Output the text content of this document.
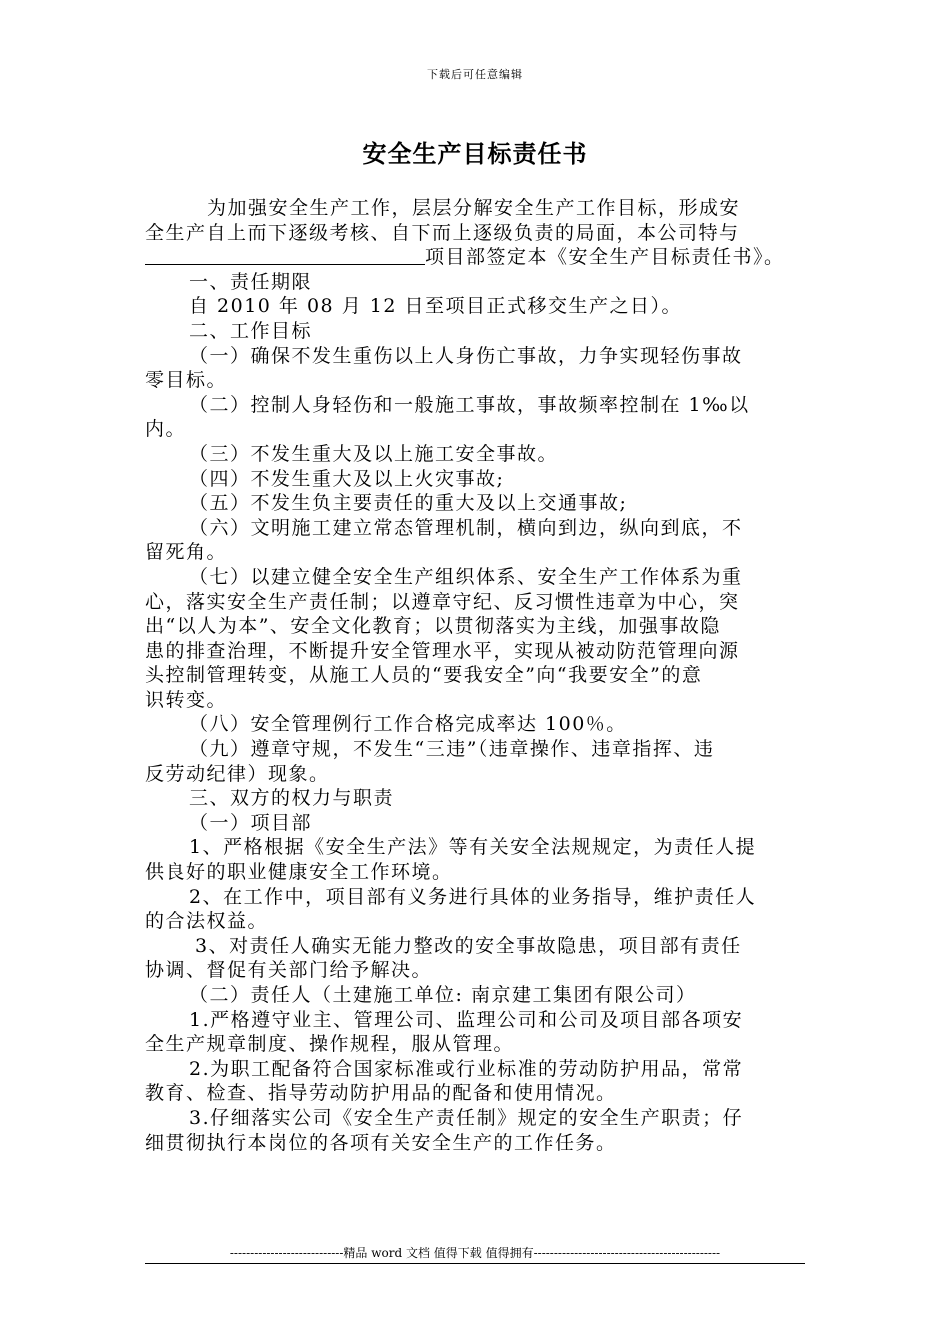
下载后可任意编辑
安全生产目标责任书

为加强安全生产工作，层层分解安全生产工作目标，形成安

全生产自上而下逐级考核、自下而上逐级负责的局面，本公司特与

项目部签定本《安全生产目标责任书》。

一、责任期限

自 2010 年 08 月 12 日至项目正式移交生产之日）。

二、工作目标

（一）确保不发生重伤以上人身伤亡事故，力争实现轻伤事故

零目标。

（二）控制人身轻伤和一般施工事故，事故频率控制在 1‰以

内。

（三）不发生重大及以上施工安全事故。

（四）不发生重大及以上火灾事故;

（五）不发生负主要责任的重大及以上交通事故;

（六）文明施工建立常态管理机制，横向到边，纵向到底，不

留死角。

（七）以建立健全安全生产组织体系、安全生产工作体系为重

心，落实安全生产责任制；以遵章守纪、反习惯性违章为中心，突

出“以人为本”、安全文化教育；以贯彻落实为主线，加强事故隐

患的排查治理，不断提升安全管理水平，实现从被动防范管理向源

头控制管理转变，从施工人员的“要我安全”向“我要安全”的意

识转变。

（八）安全管理例行工作合格完成率达 100％。

（九）遵章守规，不发生“三违”（违章操作、违章指挥、违

反劳动纪律）现象。

三、双方的权力与职责

（一）项目部

1、严格根据《安全生产法》等有关安全法规规定，为责任人提

供良好的职业健康安全工作环境。

2、在工作中，项目部有义务进行具体的业务指导，维护责任人

的合法权益。

3、对责任人确实无能力整改的安全事故隐患，项目部有责任

协调、督促有关部门给予解决。

（二）责任人（土建施工单位: 南京建工集团有限公司）

1.严格遵守业主、管理公司、监理公司和公司及项目部各项安

全生产规章制度、操作规程，服从管理。

2.为职工配备符合国家标准或行业标准的劳动防护用品，常常

教育、检查、指导劳动防护用品的配备和使用情况。

3.仔细落实公司《安全生产责任制》规定的安全生产职责；仔

细贯彻执行本岗位的各项有关安全生产的工作任务。

----------------------------精品 word 文档 值得下载 值得拥有----------------------------------------------
